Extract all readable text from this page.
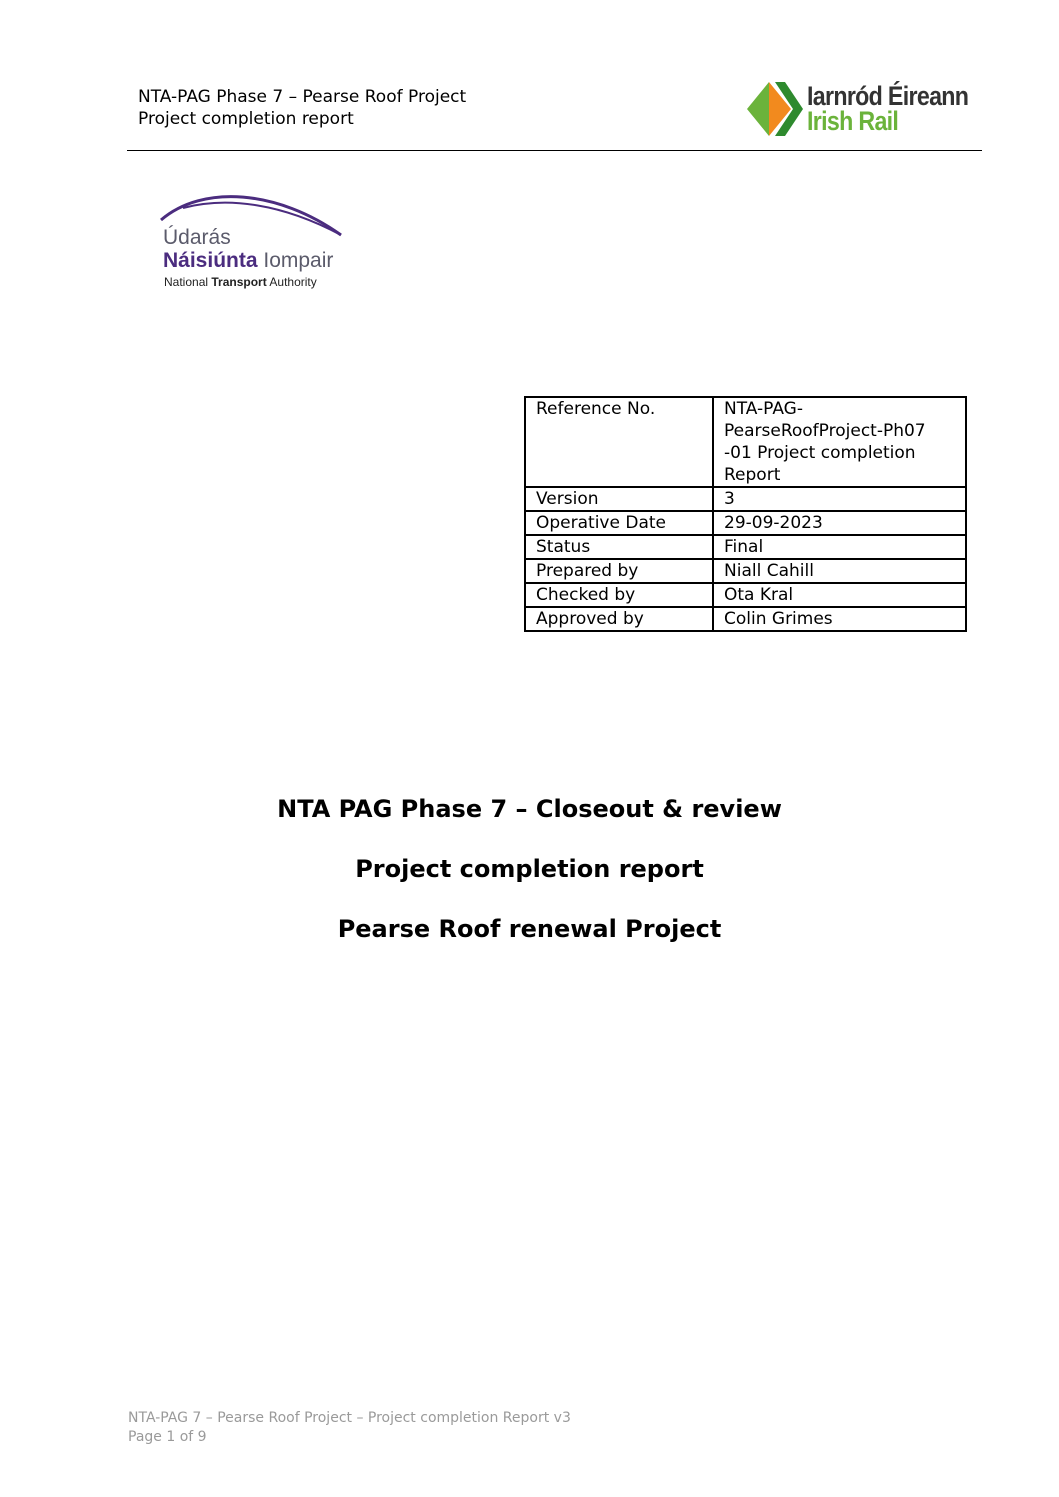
NTA-PAG Phase 7 – Pearse Roof Project
Project completion report
Iarnród Éireann
Irish Rail
Údarás
Náisiúnta Iompair
National Transport Authority
Reference No.	NTA-PAG-
PearseRoofProject-Ph07
-01 Project completion
Report
Version	3
Operative Date	29-09-2023
Status	Final
Prepared by	Niall Cahill
Checked by	Ota Kral
Approved by	Colin Grimes
NTA PAG Phase 7 – Closeout & review
Project completion report
Pearse Roof renewal Project
NTA-PAG 7 – Pearse Roof Project – Project completion Report v3
Page 1 of 9
